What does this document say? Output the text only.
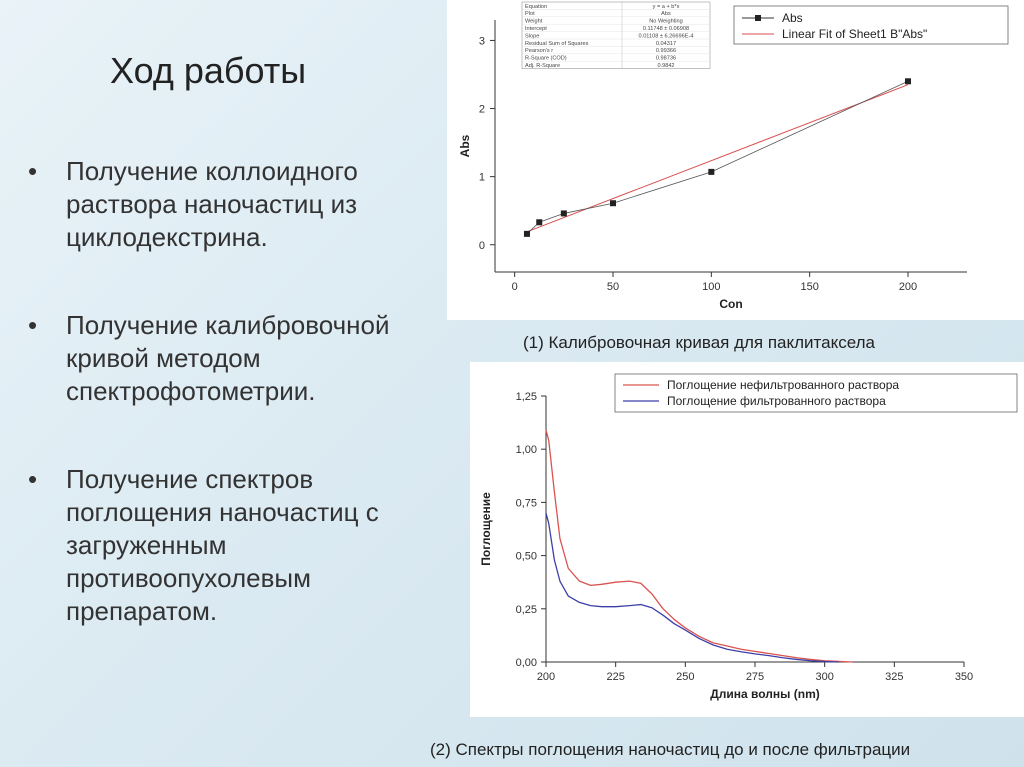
Ход работы
• Получение коллоидного раствора наночастиц из циклодекстрина.
• Получение калибровочной кривой методом спектрофотометрии.
• Получение спектров поглощения наночастиц с загруженным противоопухолевым препаратом.
0	50	100	150	200
0
1
2
3
Con
Abs
Equation	y = a + b*x
Plot	Abs
Weight	No Weighting
Intercept	0.11748 ± 0.06908
Slope	0.01108 ± 6.26696E-4
Residual Sum of Squares	0.04317
Pearson's r	0.99366
R-Square (COD)	0.98736
Adj. R-Square	0.9842
Abs
Linear Fit of Sheet1 B"Abs"
(1) Калибровочная кривая для паклитаксела
200	225	250	275	300	325	350
0,00
0,25
0,50
0,75
1,00
1,25
Длина волны (nm)
Поглощение
Поглощение нефильтрованного раствора
Поглощение фильтрованного раствора
(2) Спектры поглощения наночастиц до и после фильтрации
